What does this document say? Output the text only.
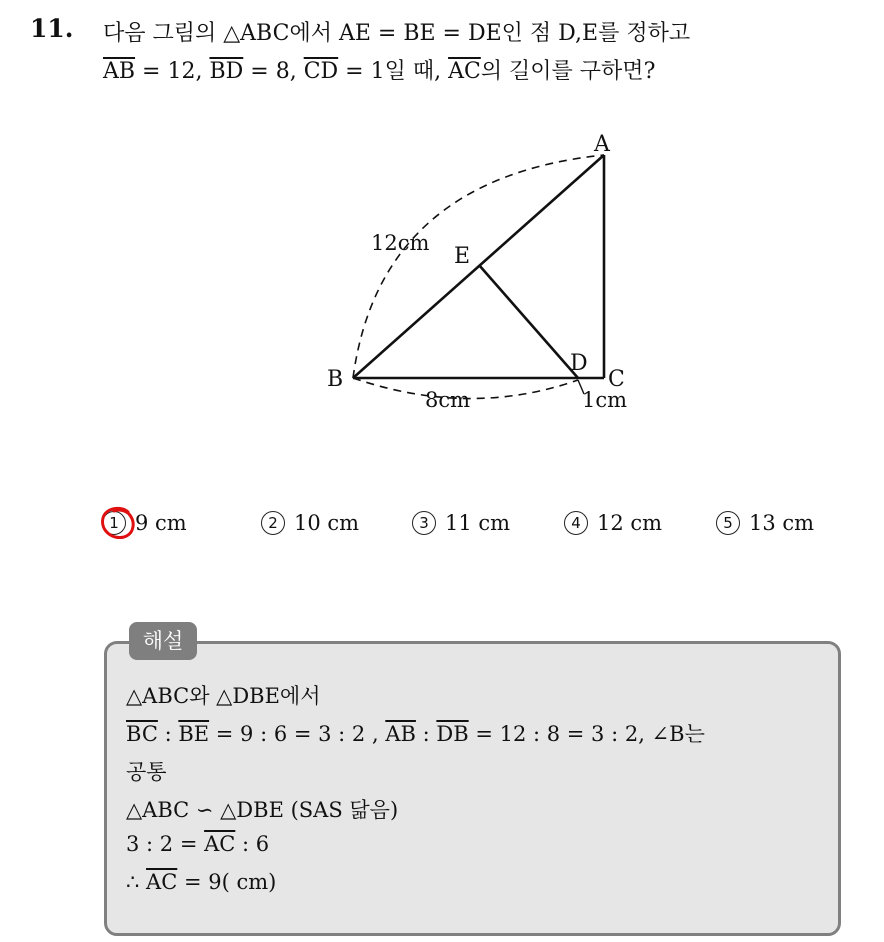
11. 다음 그림의 △ABC에서 AE = BE = DE인 점 D,E를 정하고
$\overline{AB} = 12$, $\overline{BD} = 8$, $\overline{CD} = 1$일 때, $\overline{AC}$의 길이를 구하면?
A
B	C
D
E
12cm
8cm	1cm
1 9 cm	2 10 cm	3 11 cm	4 12 cm	5 13 cm
해설
△ABC와 △DBE에서
$\overline{BC}$ : $\overline{BE} = 9$ : 6 = 3 : 2 , $\overline{AB}$ : $\overline{DB} = 12$ : 8 = 3 : 2, ∠B는
공통
△ABC ∽ △DBE (SAS 닮음)
3 : $2 = \overline{AC}$ : 6
∴ $\overline{AC} = 9$( cm)
